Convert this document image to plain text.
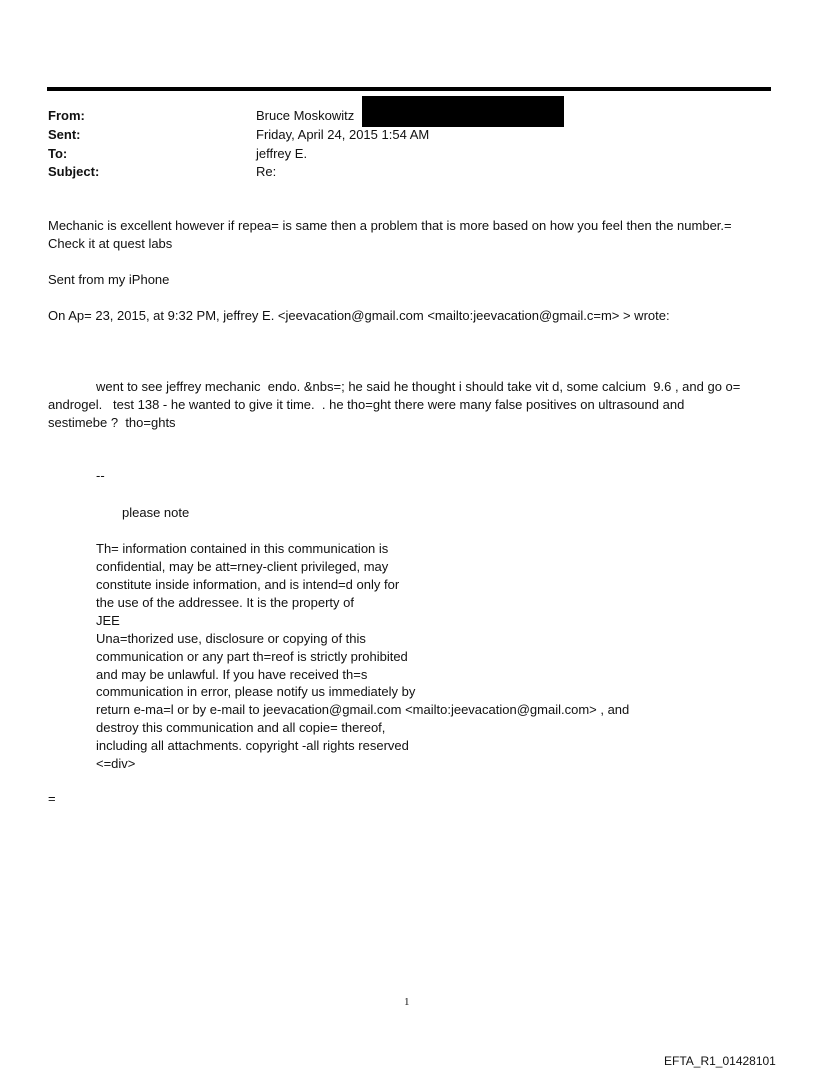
From:	Bruce Moskowitz
Sent:	Friday, April 24, 2015 1:54 AM
To:	jeffrey E.
Subject:	Re:
Mechanic is excellent however if repea= is same then a problem that is more based on how you feel then the number.=
Check it at quest labs
Sent from my iPhone
On Ap= 23, 2015, at 9:32 PM, jeffrey E. <jeevacation@gmail.com <mailto:jeevacation@gmail.c=m> > wrote:
went to see jeffrey mechanic  endo. &nbs=; he said he thought i should take vit d, some calcium  9.6 , and go o=
androgel.   test 138 - he wanted to give it time.  . he tho=ght there were many false positives on ultrasound and
sestimebe ?  tho=ghts
--
please note
Th= information contained in this communication is
confidential, may be att=rney-client privileged, may
constitute inside information, and is intend=d only for
the use of the addressee. It is the property of
JEE
Una=thorized use, disclosure or copying of this
communication or any part th=reof is strictly prohibited
and may be unlawful. If you have received th=s
communication in error, please notify us immediately by
return e-ma=l or by e-mail to jeevacation@gmail.com <mailto:jeevacation@gmail.com> , and
destroy this communication and all copie= thereof,
including all attachments. copyright -all rights reserved
<=div>
=
1
EFTA_R1_01428101
